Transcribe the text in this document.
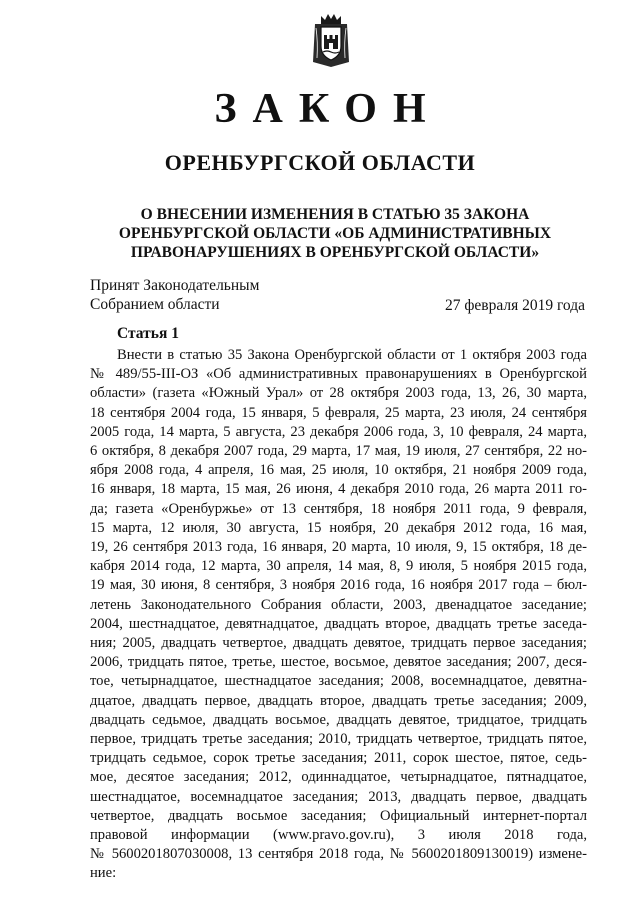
ЗАКОН
ОРЕНБУРГСКОЙ ОБЛАСТИ
О ВНЕСЕНИИ ИЗМЕНЕНИЯ В СТАТЬЮ 35 ЗАКОНА
ОРЕНБУРГСКОЙ ОБЛАСТИ «ОБ АДМИНИСТРАТИВНЫХ
ПРАВОНАРУШЕНИЯХ В ОРЕНБУРГСКОЙ ОБЛАСТИ»
Принят Законодательным
Собранием области	27 февраля 2019 года
Статья 1
Внести в статью 35 Закона Оренбургской области от 1 октября 2003 года
№ 489/55-III-ОЗ «Об административных правонарушениях в Оренбургской
области» (газета «Южный Урал» от 28 октября 2003 года, 13, 26, 30 марта,
18 сентября 2004 года, 15 января, 5 февраля, 25 марта, 23 июля, 24 сентября
2005 года, 14 марта, 5 августа, 23 декабря 2006 года, 3, 10 февраля, 24 марта,
6 октября, 8 декабря 2007 года, 29 марта, 17 мая, 19 июля, 27 сентября, 22 но-
ября 2008 года, 4 апреля, 16 мая, 25 июля, 10 октября, 21 ноября 2009 года,
16 января, 18 марта, 15 мая, 26 июня, 4 декабря 2010 года, 26 марта 2011 го-
да; газета «Оренбуржье» от 13 сентября, 18 ноября 2011 года, 9 февраля,
15 марта, 12 июля, 30 августа, 15 ноября, 20 декабря 2012 года, 16 мая,
19, 26 сентября 2013 года, 16 января, 20 марта, 10 июля, 9, 15 октября, 18 де-
кабря 2014 года, 12 марта, 30 апреля, 14 мая, 8, 9 июля, 5 ноября 2015 года,
19 мая, 30 июня, 8 сентября, 3 ноября 2016 года, 16 ноября 2017 года – бюл-
летень Законодательного Собрания области, 2003, двенадцатое заседание;
2004, шестнадцатое, девятнадцатое, двадцать второе, двадцать третье заседа-
ния; 2005, двадцать четвертое, двадцать девятое, тридцать первое заседания;
2006, тридцать пятое, третье, шестое, восьмое, девятое заседания; 2007, деся-
тое, четырнадцатое, шестнадцатое заседания; 2008, восемнадцатое, девятна-
дцатое, двадцать первое, двадцать второе, двадцать третье заседания; 2009,
двадцать седьмое, двадцать восьмое, двадцать девятое, тридцатое, тридцать
первое, тридцать третье заседания; 2010, тридцать четвертое, тридцать пятое,
тридцать седьмое, сорок третье заседания; 2011, сорок шестое, пятое, седь-
мое, десятое заседания; 2012, одиннадцатое, четырнадцатое, пятнадцатое,
шестнадцатое, восемнадцатое заседания; 2013, двадцать первое, двадцать
четвертое, двадцать восьмое заседания; Официальный интернет-портал
правовой информации (www.pravo.gov.ru), 3 июля 2018 года,
№ 5600201807030008, 13 сентября 2018 года, № 5600201809130019) измене-
ние:
